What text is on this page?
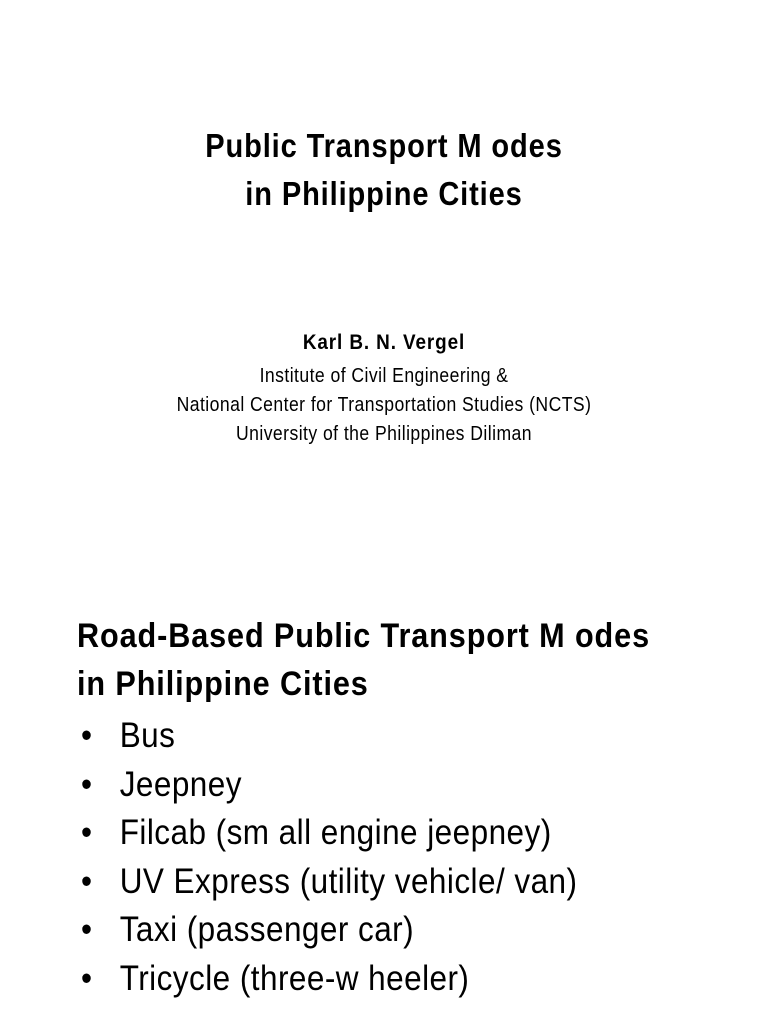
Public Transport M odes
in Philippine Cities
Karl B. N. Vergel
Institute of Civil Engineering &
National Center for Transportation Studies (NCTS)
University of the Philippines Diliman
Road-Based Public Transport M odes
in Philippine Cities
• Bus
• Jeepney
• Filcab (sm all engine jeepney)
• UV Express (utility vehicle/ van)
• Taxi (passenger car)
• Tricycle (three-w heeler)
